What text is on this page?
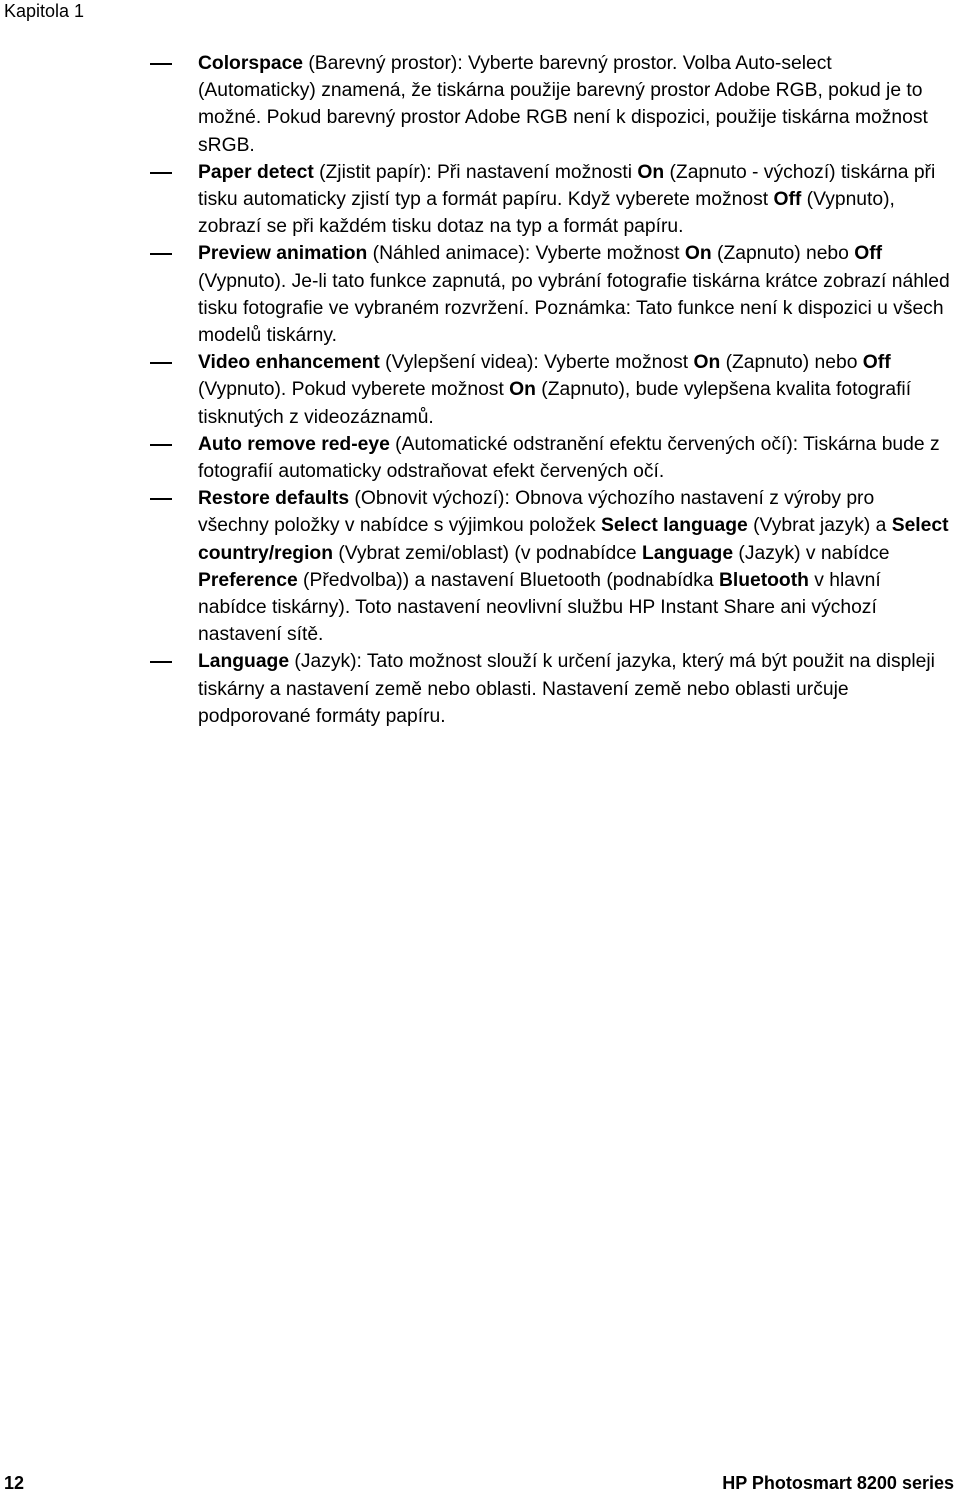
Kapitola 1
Colorspace (Barevný prostor): Vyberte barevný prostor. Volba Auto-select (Automaticky) znamená, že tiskárna použije barevný prostor Adobe RGB, pokud je to možné. Pokud barevný prostor Adobe RGB není k dispozici, použije tiskárna možnost sRGB.
Paper detect (Zjistit papír): Při nastavení možnosti On (Zapnuto - výchozí) tiskárna při tisku automaticky zjistí typ a formát papíru. Když vyberete možnost Off (Vypnuto), zobrazí se při každém tisku dotaz na typ a formát papíru.
Preview animation (Náhled animace): Vyberte možnost On (Zapnuto) nebo Off (Vypnuto). Je-li tato funkce zapnutá, po vybrání fotografie tiskárna krátce zobrazí náhled tisku fotografie ve vybraném rozvržení. Poznámka: Tato funkce není k dispozici u všech modelů tiskárny.
Video enhancement (Vylepšení videa): Vyberte možnost On (Zapnuto) nebo Off (Vypnuto). Pokud vyberete možnost On (Zapnuto), bude vylepšena kvalita fotografií tisknutých z videozáznamů.
Auto remove red-eye (Automatické odstranění efektu červených očí): Tiskárna bude z fotografií automaticky odstraňovat efekt červených očí.
Restore defaults (Obnovit výchozí): Obnova výchozího nastavení z výroby pro všechny položky v nabídce s výjimkou položek Select language (Vybrat jazyk) a Select country/region (Vybrat zemi/oblast) (v podnabídce Language (Jazyk) v nabídce Preference (Předvolba)) a nastavení Bluetooth (podnabídka Bluetooth v hlavní nabídce tiskárny). Toto nastavení neovlivní službu HP Instant Share ani výchozí nastavení sítě.
Language (Jazyk): Tato možnost slouží k určení jazyka, který má být použit na displeji tiskárny a nastavení země nebo oblasti. Nastavení země nebo oblasti určuje podporované formáty papíru.
12	HP Photosmart 8200 series
